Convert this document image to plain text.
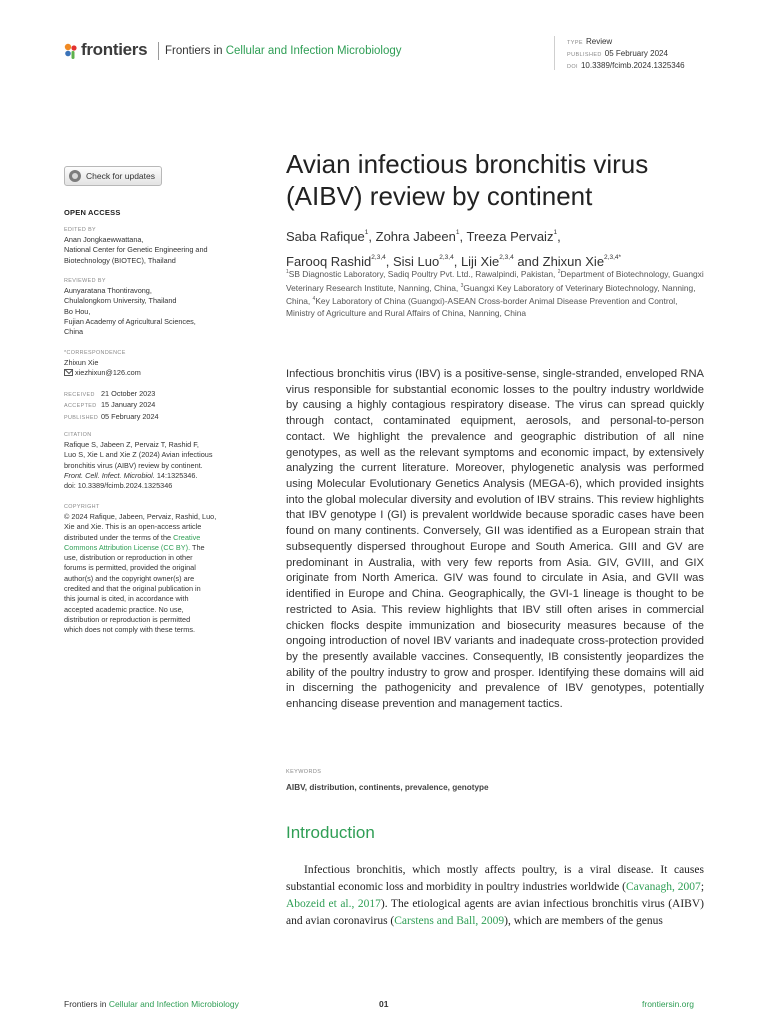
frontiers Frontiers in Cellular and Infection Microbiology
TYPE Review
PUBLISHED 05 February 2024
DOI 10.3389/fcimb.2024.1325346
Check for updates
OPEN ACCESS
EDITED BY
Anan Jongkaewwattana,
National Center for Genetic Engineering and
Biotechnology (BIOTEC), Thailand
REVIEWED BY
Aunyaratana Thontiravong,
Chulalongkorn University, Thailand
Bo Hou,
Fujian Academy of Agricultural Sciences,
China
*CORRESPONDENCE
Zhixun Xie
xiezhixun@126.com
RECEIVED 21 October 2023
ACCEPTED 15 January 2024
PUBLISHED 05 February 2024
CITATION
Rafique S, Jabeen Z, Pervaiz T, Rashid F,
Luo S, Xie L and Xie Z (2024) Avian infectious
bronchitis virus (AIBV) review by continent.
Front. Cell. Infect. Microbiol. 14:1325346.
doi: 10.3389/fcimb.2024.1325346
COPYRIGHT
© 2024 Rafique, Jabeen, Pervaiz, Rashid, Luo,
Xie and Xie. This is an open-access article
distributed under the terms of the Creative
Commons Attribution License (CC BY). The
use, distribution or reproduction in other
forums is permitted, provided the original
author(s) and the copyright owner(s) are
credited and that the original publication in
this journal is cited, in accordance with
accepted academic practice. No use,
distribution or reproduction is permitted
which does not comply with these terms.
Avian infectious bronchitis virus (AIBV) review by continent
Saba Rafique$^1$, Zohra Jabeen$^1$, Treeza Pervaiz$^1$,
Farooq Rashid$^{2,3,4}$, Sisi Luo$^{2,3,4}$, Liji Xie$^{2,3,4}$ and Zhixun Xie$^{2,3,4*}$
$^1$SB Diagnostic Laboratory, Sadiq Poultry Pvt. Ltd., Rawalpindi, Pakistan, $^2$Department of Biotechnology, Guangxi Veterinary Research Institute, Nanning, China, $^3$Guangxi Key Laboratory of Veterinary Biotechnology, Nanning, China, $^4$Key Laboratory of China (Guangxi)-ASEAN Cross-border Animal Disease Prevention and Control, Ministry of Agriculture and Rural Affairs of China, Nanning, China
Infectious bronchitis virus (IBV) is a positive-sense, single-stranded, enveloped RNA virus responsible for substantial economic losses to the poultry industry worldwide by causing a highly contagious respiratory disease. The virus can spread quickly through contact, contaminated equipment, aerosols, and personal-to-person contact. We highlight the prevalence and geographic distribution of all nine genotypes, as well as the relevant symptoms and economic impact, by extensively analyzing the current literature. Moreover, phylogenetic analysis was performed using Molecular Evolutionary Genetics Analysis (MEGA-6), which provided insights into the global molecular diversity and evolution of IBV strains. This review highlights that IBV genotype I (GI) is prevalent worldwide because sporadic cases have been found on many continents. Conversely, GII was identified as a European strain that subsequently dispersed throughout Europe and South America. GIII and GV are predominant in Australia, with very few reports from Asia. GIV, GVIII, and GIX originate from North America. GIV was found to circulate in Asia, and GVII was identified in Europe and China. Geographically, the GVI-1 lineage is thought to be restricted to Asia. This review highlights that IBV still often arises in commercial chicken flocks despite immunization and biosecurity measures because of the ongoing introduction of novel IBV variants and inadequate cross-protection provided by the presently available vaccines. Consequently, IB consistently jeopardizes the ability of the poultry industry to grow and prosper. Identifying these domains will aid in discerning the pathogenicity and prevalence of IBV genotypes, potentially enhancing disease prevention and management tactics.
KEYWORDS
AIBV, distribution, continents, prevalence, genotype
Introduction
Infectious bronchitis, which mostly affects poultry, is a viral disease. It causes substantial economic loss and morbidity in poultry industries worldwide (Cavanagh, 2007; Abozeid et al., 2017). The etiological agents are avian infectious bronchitis virus (AIBV) and avian coronavirus (Carstens and Ball, 2009), which are members of the genus
Frontiers in Cellular and Infection Microbiology	01	frontiersin.org
